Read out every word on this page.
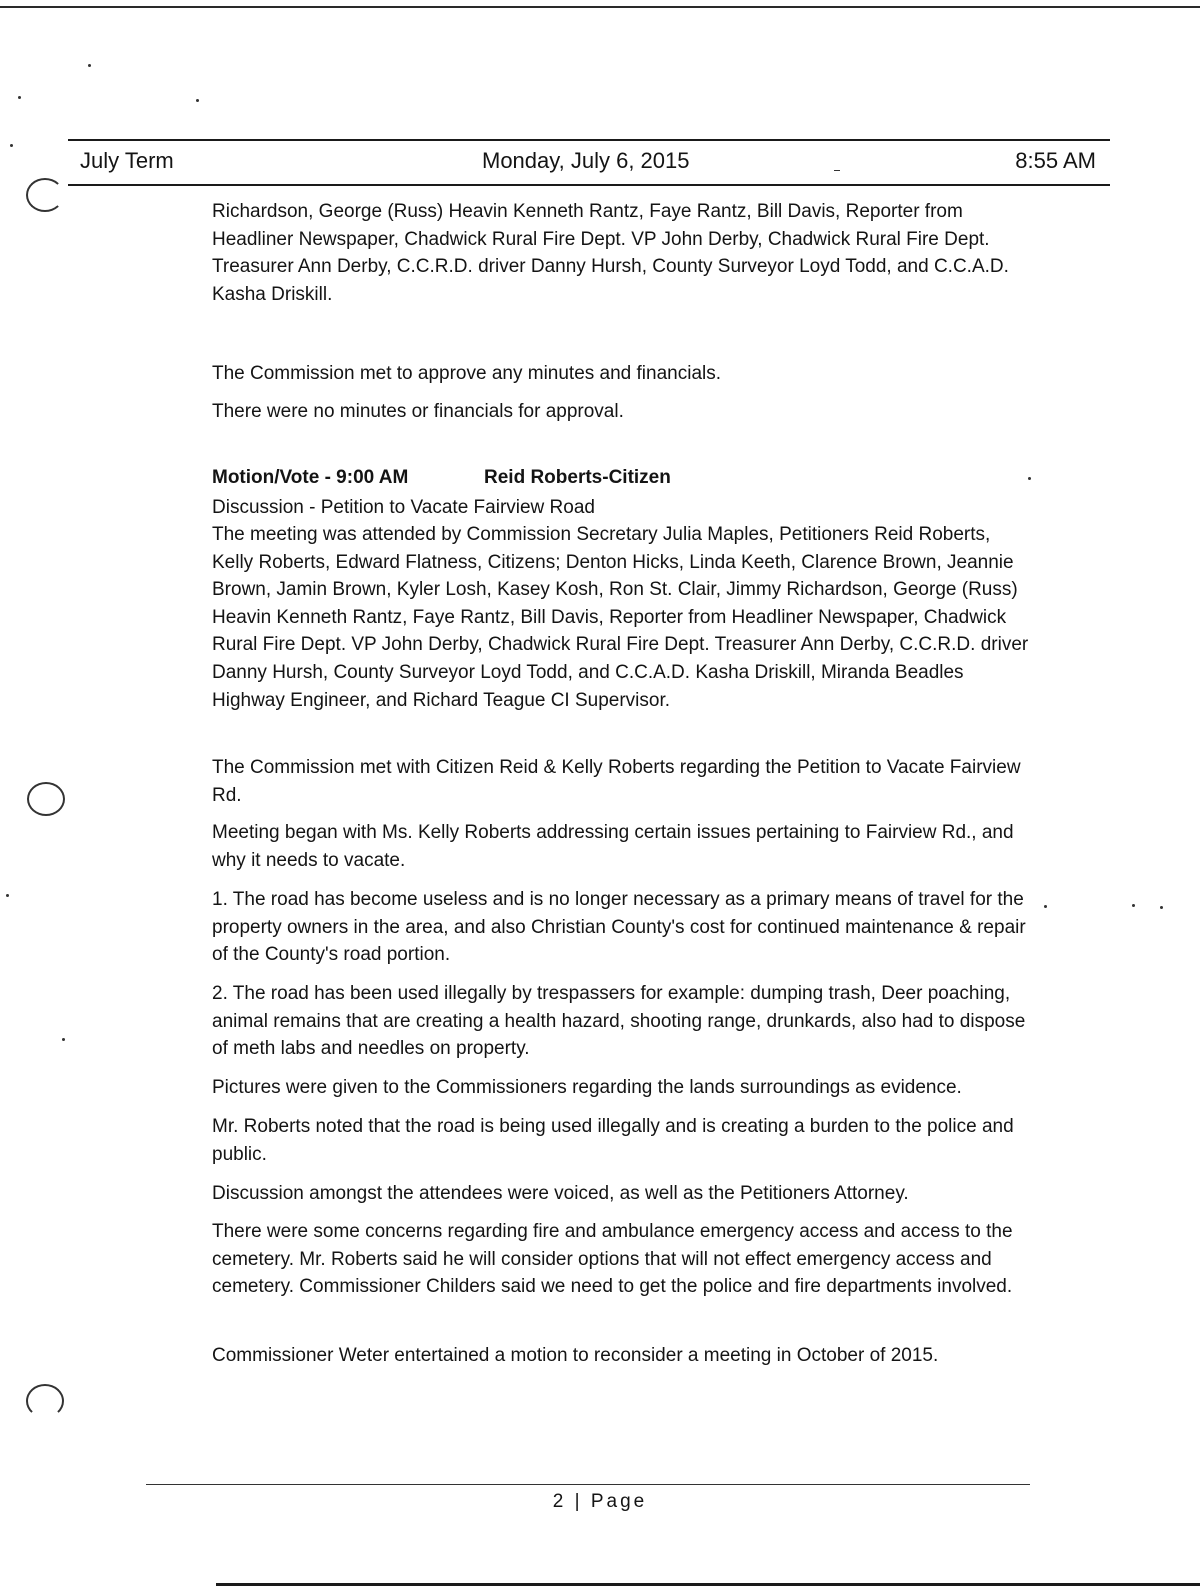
July Term	Monday, July 6, 2015	8:55 AM

Richardson, George (Russ) Heavin Kenneth Rantz, Faye Rantz, Bill Davis, Reporter from Headliner Newspaper, Chadwick Rural Fire Dept. VP John Derby, Chadwick Rural Fire Dept. Treasurer Ann Derby, C.C.R.D. driver Danny Hursh, County Surveyor Loyd Todd, and C.C.A.D. Kasha Driskill.

The Commission met to approve any minutes and financials.

There were no minutes or financials for approval.

Motion/Vote - 9:00 AM	Reid Roberts-Citizen

Discussion - Petition to Vacate Fairview Road

The meeting was attended by Commission Secretary Julia Maples, Petitioners Reid Roberts, Kelly Roberts, Edward Flatness, Citizens; Denton Hicks, Linda Keeth, Clarence Brown, Jeannie Brown, Jamin Brown, Kyler Losh, Kasey Kosh, Ron St. Clair, Jimmy Richardson, George (Russ) Heavin Kenneth Rantz, Faye Rantz, Bill Davis, Reporter from Headliner Newspaper, Chadwick Rural Fire Dept. VP John Derby, Chadwick Rural Fire Dept. Treasurer Ann Derby, C.C.R.D. driver Danny Hursh, County Surveyor Loyd Todd, and C.C.A.D. Kasha Driskill, Miranda Beadles Highway Engineer, and Richard Teague CI Supervisor.

The Commission met with Citizen Reid & Kelly Roberts regarding the Petition to Vacate Fairview Rd.

Meeting began with Ms. Kelly Roberts addressing certain issues pertaining to Fairview Rd., and why it needs to vacate.

1. The road has become useless and is no longer necessary as a primary means of travel for the property owners in the area, and also Christian County's cost for continued maintenance & repair of the County's road portion.

2. The road has been used illegally by trespassers for example: dumping trash, Deer poaching, animal remains that are creating a health hazard, shooting range, drunkards, also had to dispose of meth labs and needles on property.

Pictures were given to the Commissioners regarding the lands surroundings as evidence.

Mr. Roberts noted that the road is being used illegally and is creating a burden to the police and public.

Discussion amongst the attendees were voiced, as well as the Petitioners Attorney.

There were some concerns regarding fire and ambulance emergency access and access to the cemetery. Mr. Roberts said he will consider options that will not effect emergency access and cemetery. Commissioner Childers said we need to get the police and fire departments involved.

Commissioner Weter entertained a motion to reconsider a meeting in October of 2015.

2 | Page
